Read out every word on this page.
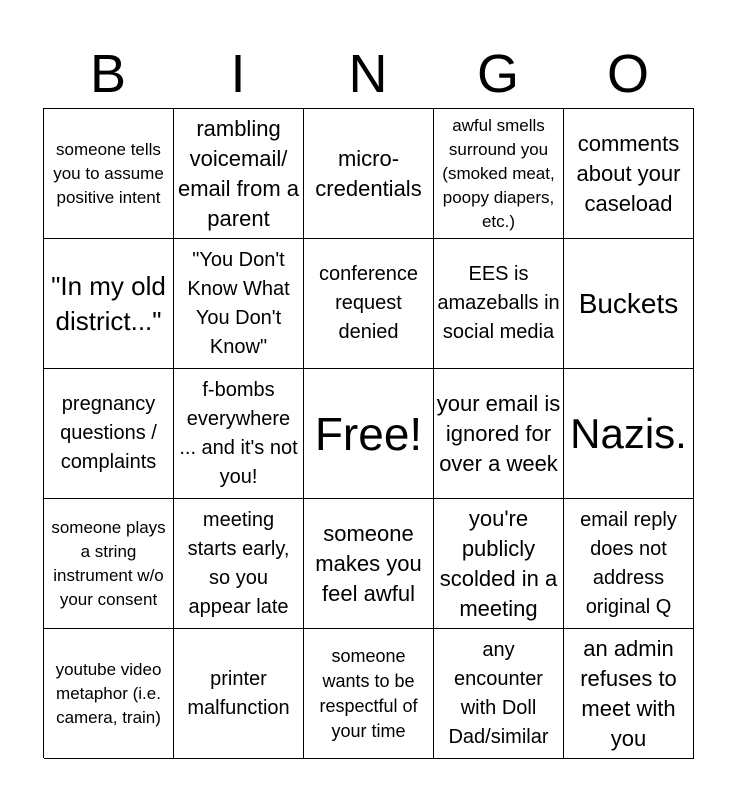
B	I	N	G	O
someone tells you to assume positive intent
rambling voicemail/ email from a parent
micro-credentials
awful smells surround you (smoked meat, poopy diapers, etc.)
comments about your caseload
"In my old district..."
"You Don't Know What You Don't Know"
conference request denied
EES is amazeballs in social media
Buckets
pregnancy questions / complaints
f-bombs everywhere ... and it's not you!
Free!
your email is ignored for over a week
Nazis.
someone plays a string instrument w/o your consent
meeting starts early, so you appear late
someone makes you feel awful
you're publicly scolded in a meeting
email reply does not address original Q
youtube video metaphor (i.e. camera, train)
printer malfunction
someone wants to be respectful of your time
any encounter with Doll Dad/similar
an admin refuses to meet with you
